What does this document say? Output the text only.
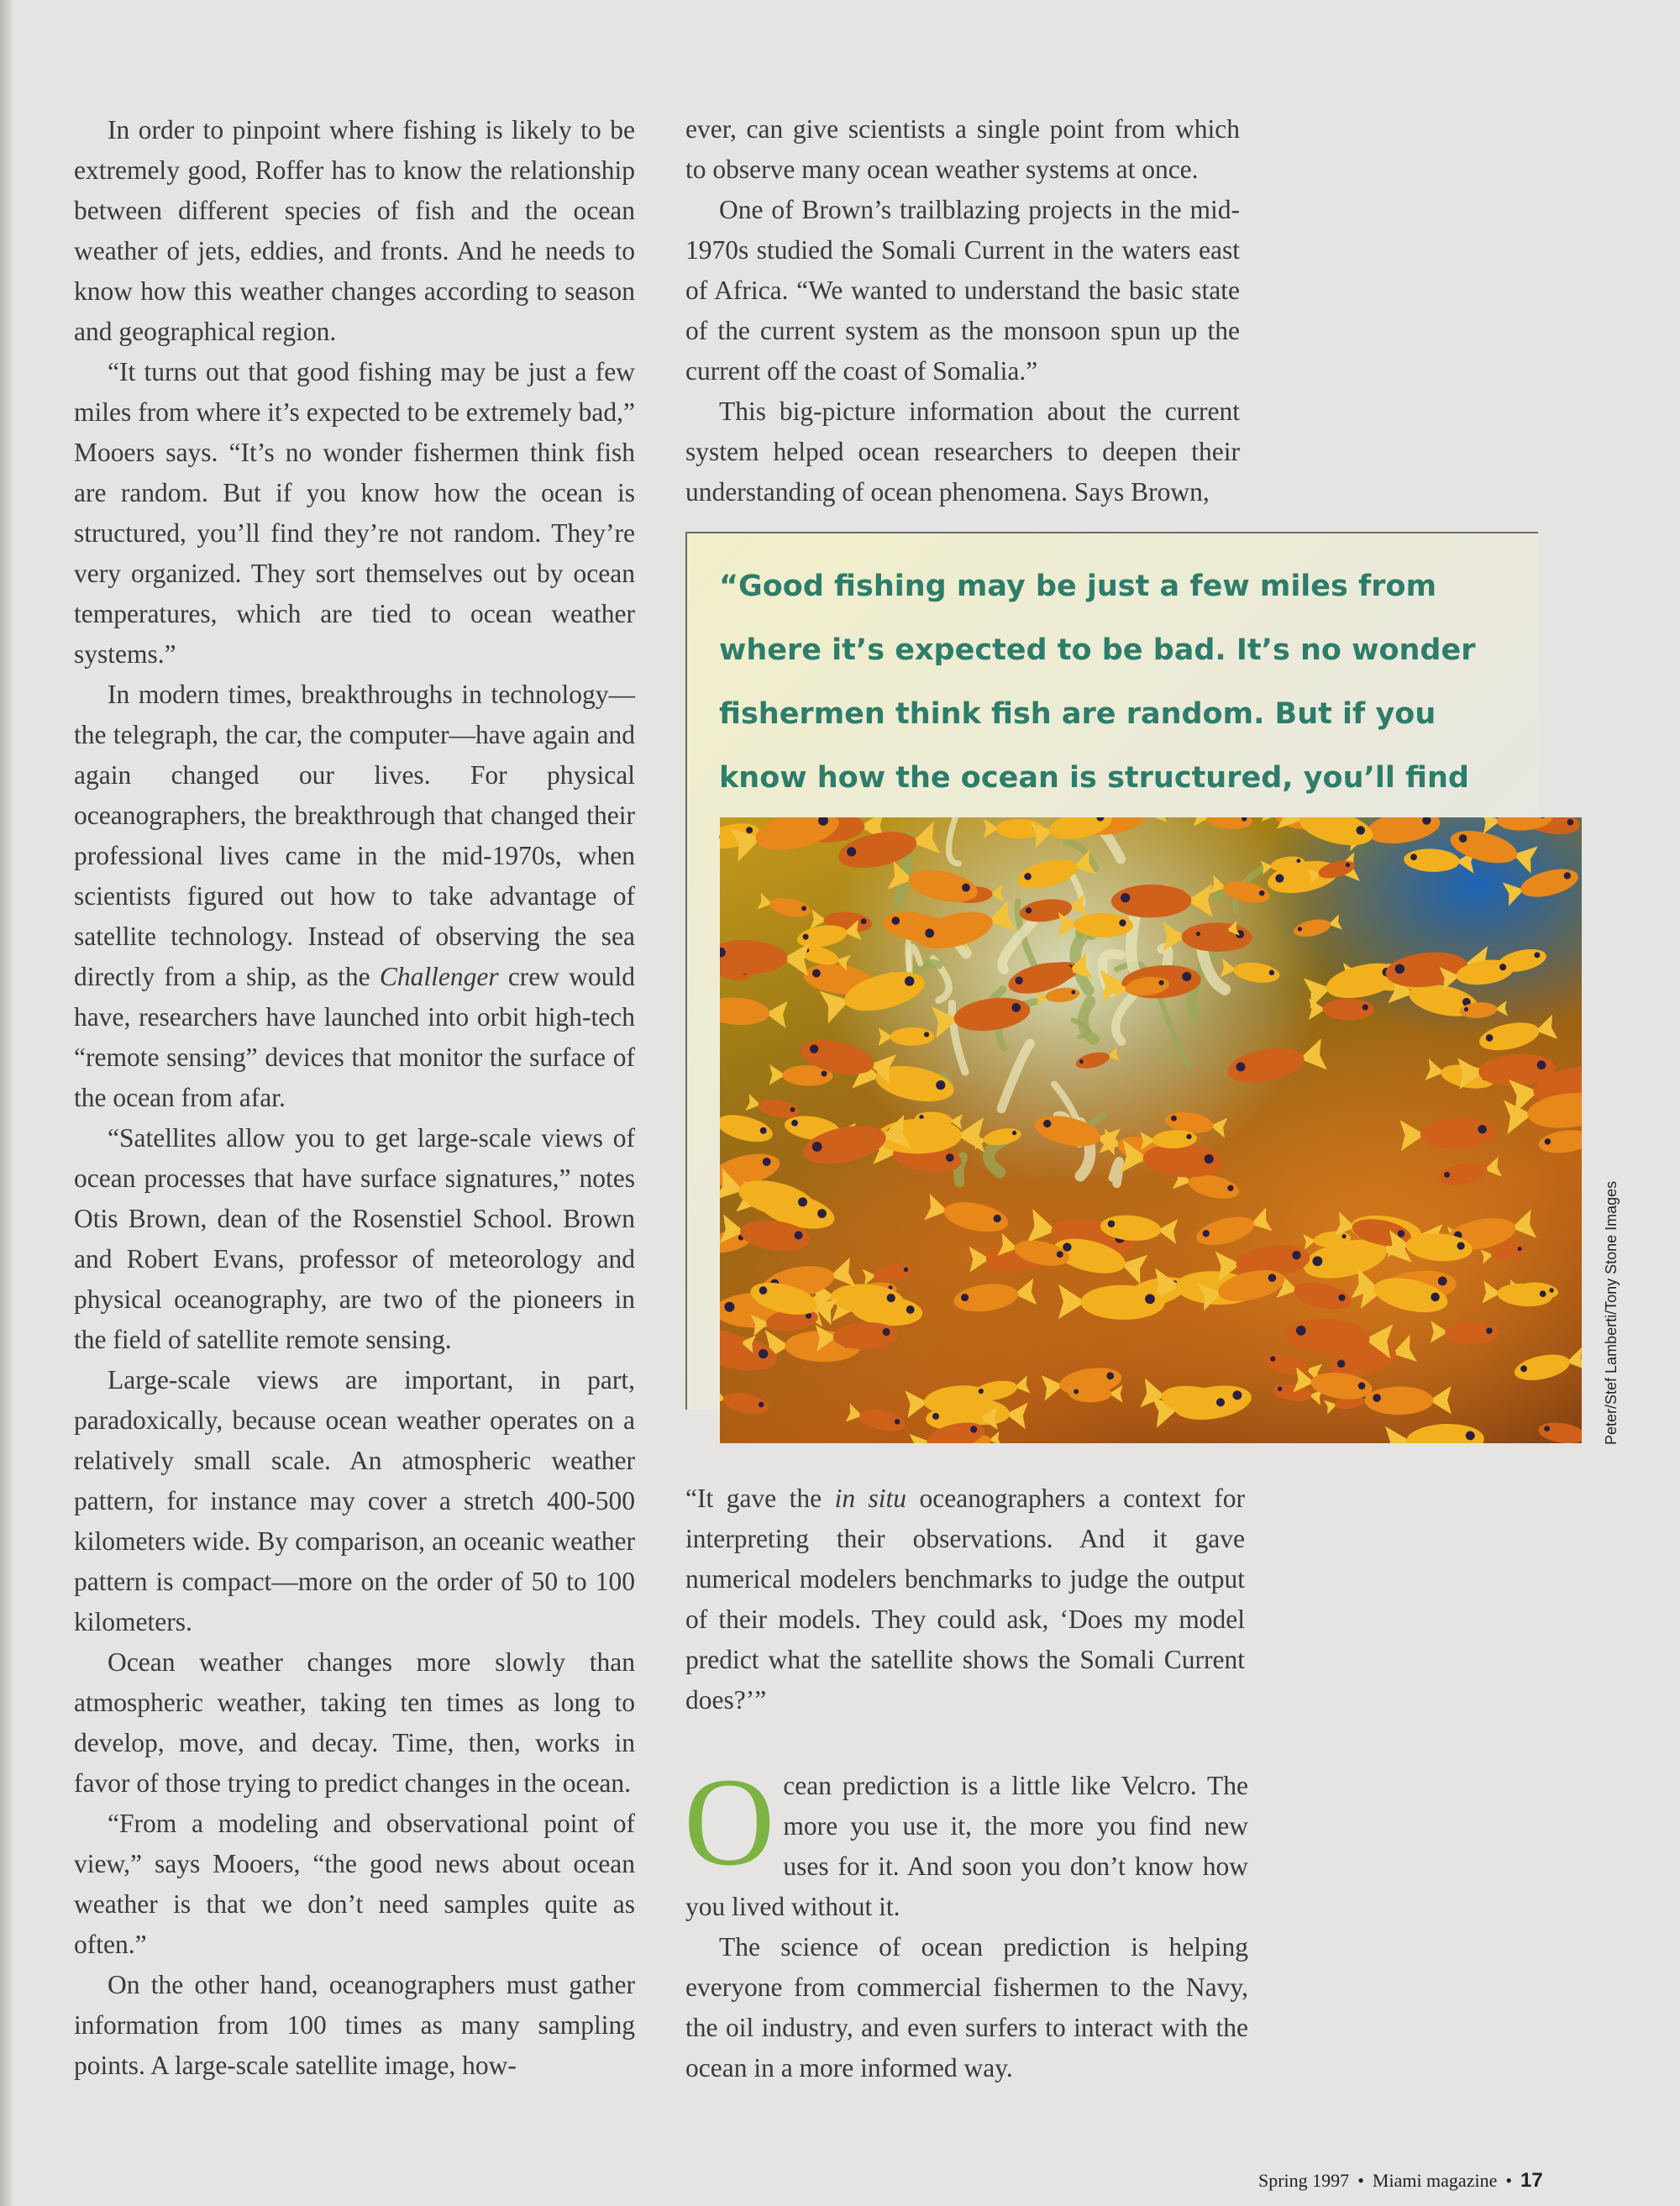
In order to pinpoint where fishing is likely to be extremely good, Roffer has to know the relationship between different species of fish and the ocean weather of jets, eddies, and fronts. And he needs to know how this weather changes according to season and geographical region.

“It turns out that good fishing may be just a few miles from where it’s expected to be extremely bad,” Mooers says. “It’s no wonder fishermen think fish are random. But if you know how the ocean is structured, you’ll find they’re not random. They’re very organized. They sort themselves out by ocean temperatures, which are tied to ocean weather systems.”

In modern times, breakthroughs in technology—the telegraph, the car, the computer—have again and again changed our lives. For physical oceanographers, the breakthrough that changed their professional lives came in the mid-1970s, when scientists figured out how to take advantage of satellite technology. Instead of observing the sea directly from a ship, as the Challenger crew would have, researchers have launched into orbit high-tech “remote sensing” devices that monitor the surface of the ocean from afar.

“Satellites allow you to get large-scale views of ocean processes that have surface signatures,” notes Otis Brown, dean of the Rosenstiel School. Brown and Robert Evans, professor of meteorology and physical oceanography, are two of the pioneers in the field of satellite remote sensing.

Large-scale views are important, in part, paradoxically, because ocean weather operates on a relatively small scale. An atmospheric weather pattern, for instance may cover a stretch 400-500 kilometers wide. By comparison, an oceanic weather pattern is compact—more on the order of 50 to 100 kilometers.

Ocean weather changes more slowly than atmospheric weather, taking ten times as long to develop, move, and decay. Time, then, works in favor of those trying to predict changes in the ocean.

“From a modeling and observational point of view,” says Mooers, “the good news about ocean weather is that we don’t need samples quite as often.”

On the other hand, oceanographers must gather information from 100 times as many sampling points. A large-scale satellite image, how-

ever, can give scientists a single point from which to observe many ocean weather systems at once.

One of Brown’s trailblazing projects in the mid-1970s studied the Somali Current in the waters east of Africa. “We wanted to understand the basic state of the current system as the monsoon spun up the current off the coast of Somalia.”

This big-picture information about the current system helped ocean researchers to deepen their understanding of ocean phenomena. Says Brown,

“Good fishing may be just a few miles from where it’s expected to be bad. It’s no wonder fishermen think fish are random. But if you know how the ocean is structured, you’ll find
Peter/Stef Lamberti/Tony Stone Images

“It gave the in situ oceanographers a context for interpreting their observations. And it gave numerical modelers benchmarks to judge the output of their models. They could ask, ‘Does my model predict what the satellite shows the Somali Current does?’”

Ocean prediction is a little like Velcro. The more you use it, the more you find new uses for it. And soon you don’t know how you lived without it.

The science of ocean prediction is helping everyone from commercial fishermen to the Navy, the oil industry, and even surfers to interact with the ocean in a more informed way.

Spring 1997 • Miami magazine • 17
